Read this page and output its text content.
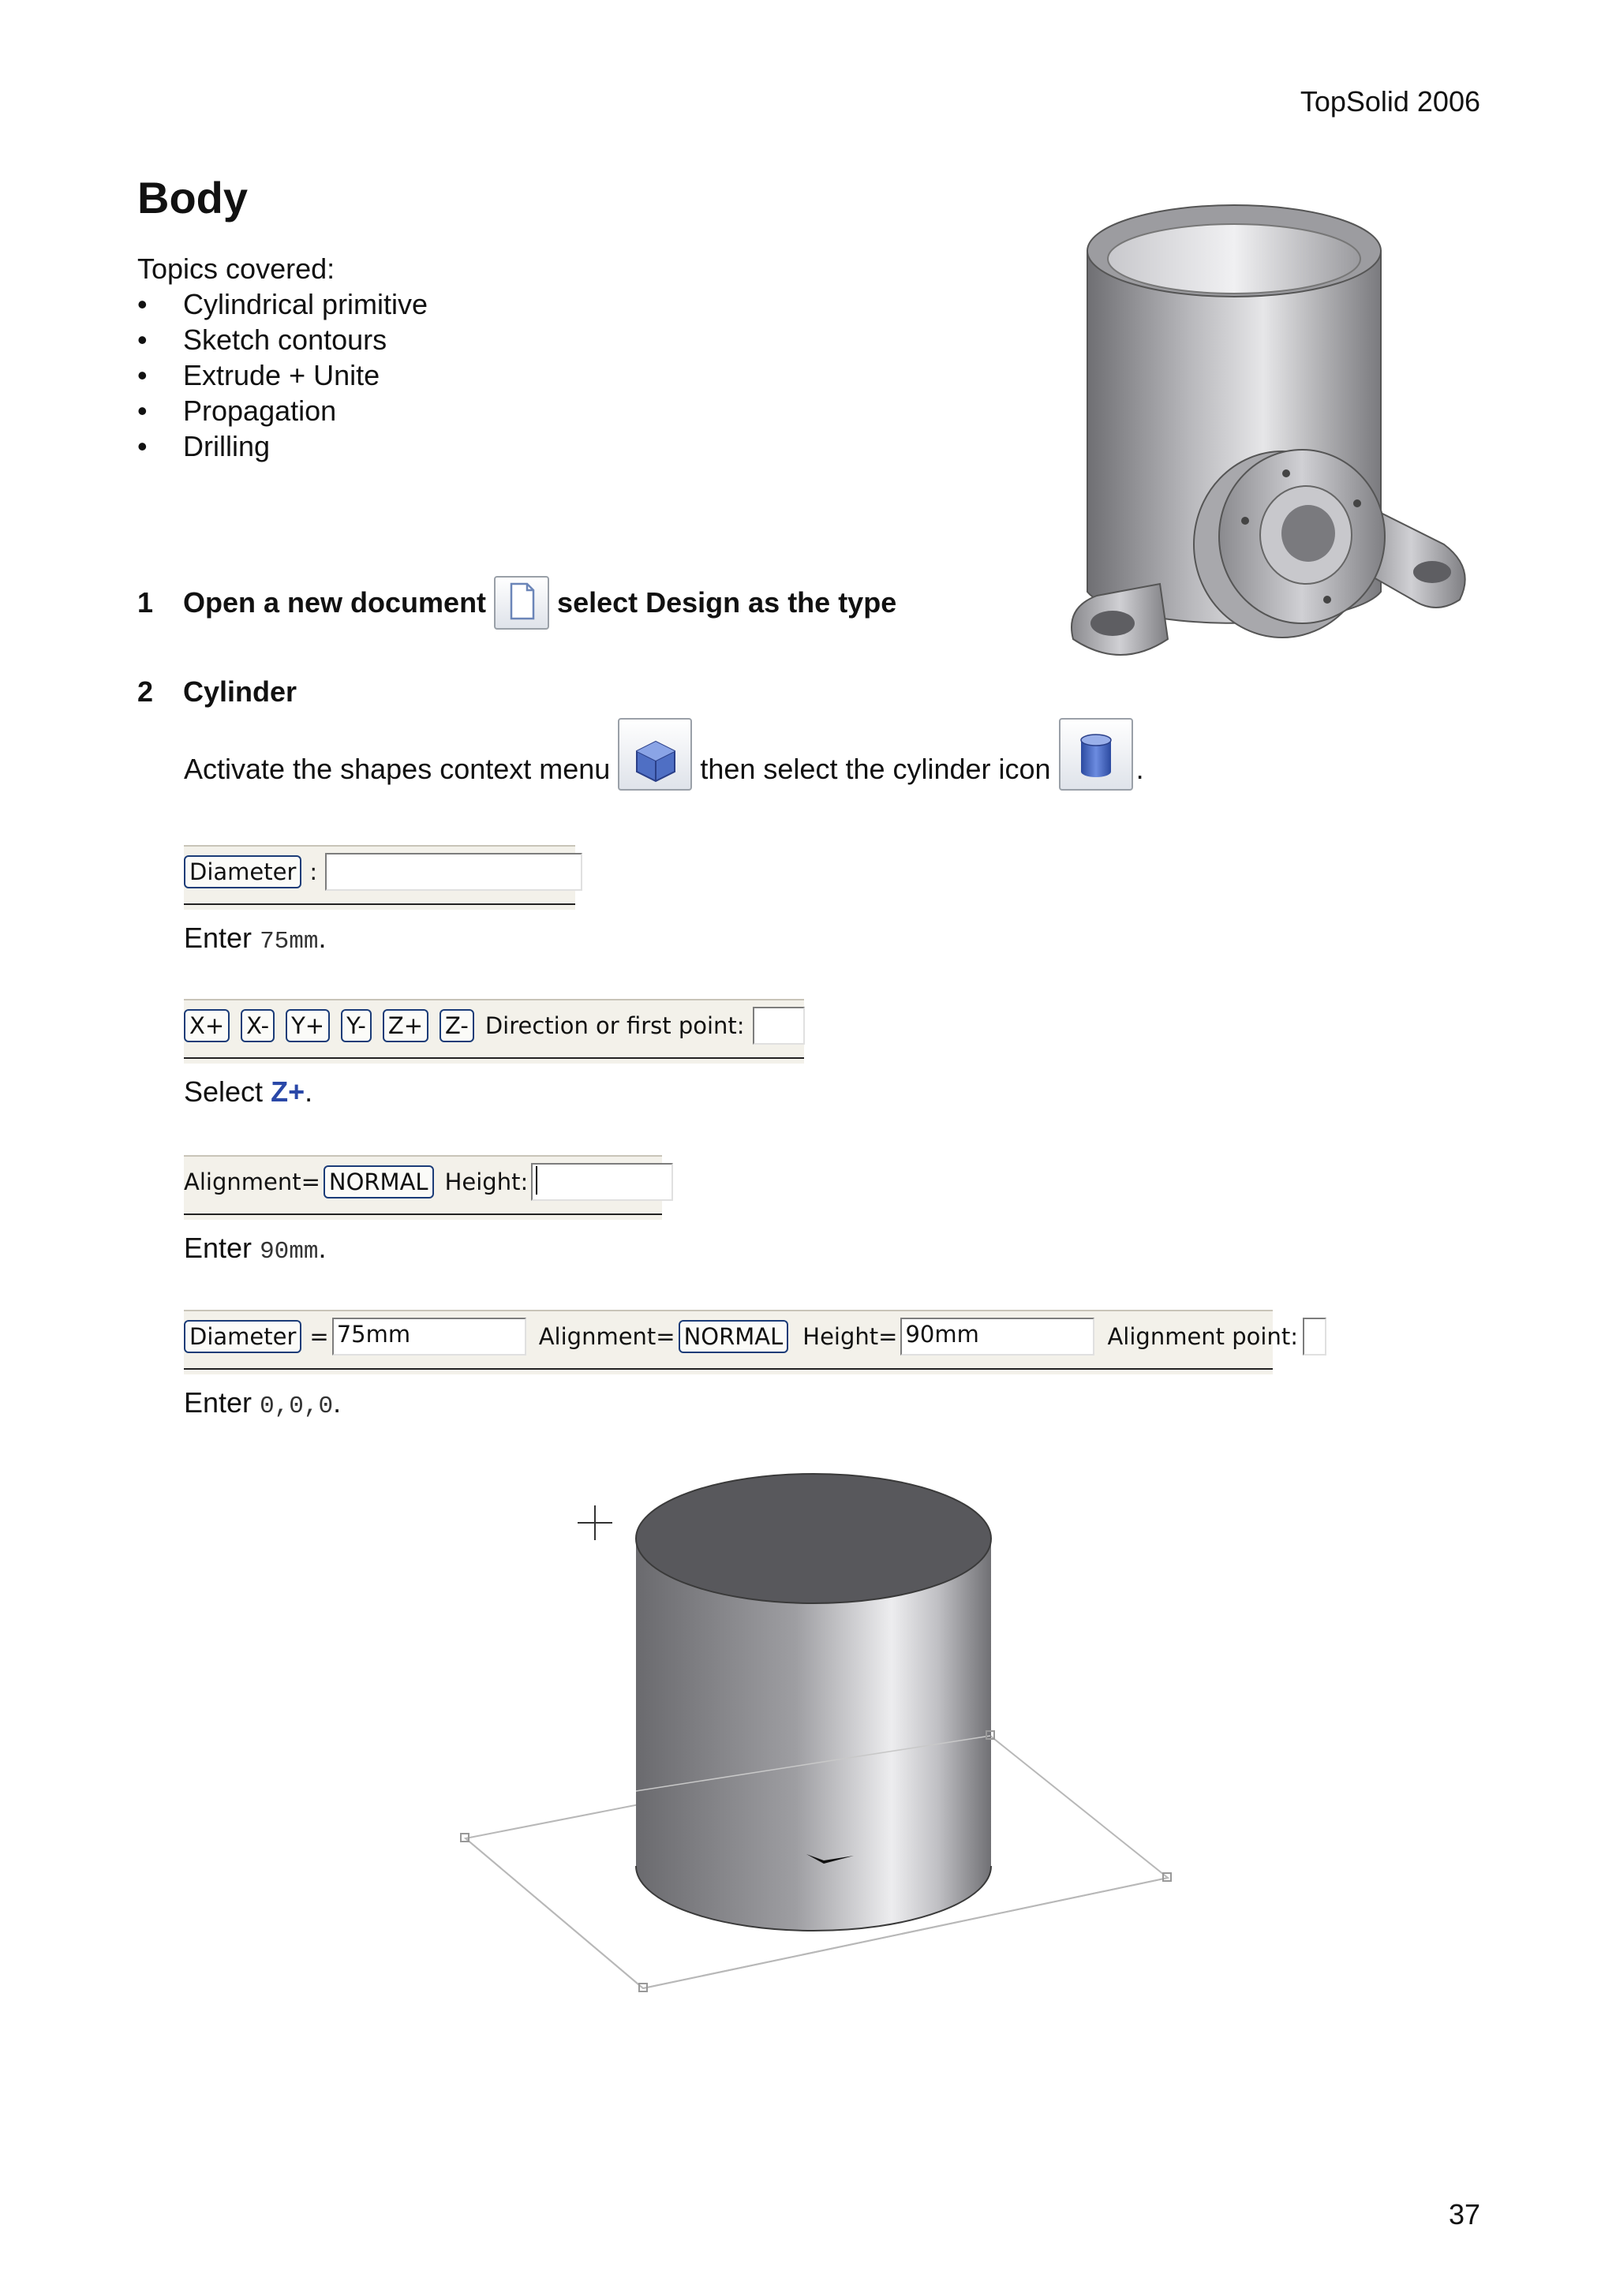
TopSolid 2006
Body
Topics covered:
• Cylindrical primitive
• Sketch contours
• Extrude + Unite
• Propagation
• Drilling
1	Open a new document	select Design as the type
2	Cylinder
Activate the shapes context menu	then select the cylinder icon	.
Diameter :
Enter 75mm.
X+ X- Y+ Y- Z+ Z- Direction or first point:
Select Z+.
Alignment= NORMAL Height:
Enter 90mm.
Diameter = 75mm	Alignment= NORMAL Height= 90mm	Alignment point:
Enter 0,0,0.
37
